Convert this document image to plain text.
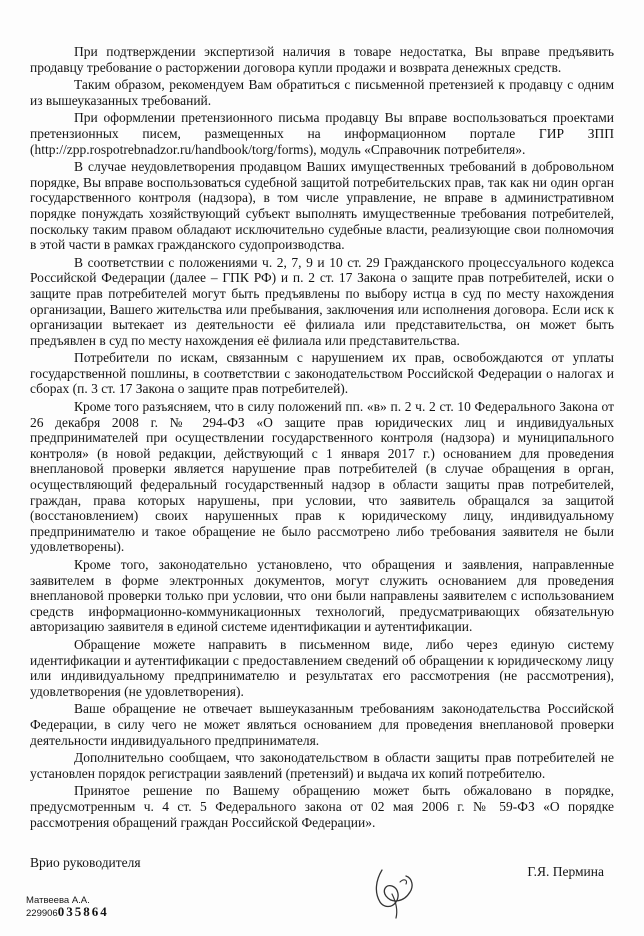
При подтверждении экспертизой наличия в товаре недостатка, Вы вправе предъявить продавцу требование о расторжении договора купли продажи и возврата денежных средств.

Таким образом, рекомендуем Вам обратиться с письменной претензией к продавцу с одним из вышеуказанных требований.

При оформлении претензионного письма продавцу Вы вправе воспользоваться проектами претензионных писем, размещенных на информационном портале ГИР ЗПП (http://zpp.rospotrebnadzor.ru/handbook/torg/forms), модуль «Справочник потребителя».

В случае неудовлетворения продавцом Ваших имущественных требований в добровольном порядке, Вы вправе воспользоваться судебной защитой потребительских прав, так как ни один орган государственного контроля (надзора), в том числе управление, не вправе в административном порядке понуждать хозяйствующий субъект выполнять имущественные требования потребителей, поскольку таким правом обладают исключительно судебные власти, реализующие свои полномочия в этой части в рамках гражданского судопроизводства.

В соответствии с положениями ч. 2, 7, 9 и 10 ст. 29 Гражданского процессуального кодекса Российской Федерации (далее – ГПК РФ) и п. 2 ст. 17 Закона о защите прав потребителей, иски о защите прав потребителей могут быть предъявлены по выбору истца в суд по месту нахождения организации, Вашего жительства или пребывания, заключения или исполнения договора. Если иск к организации вытекает из деятельности её филиала или представительства, он может быть предъявлен в суд по месту нахождения её филиала или представительства.

Потребители по искам, связанным с нарушением их прав, освобождаются от уплаты государственной пошлины, в соответствии с законодательством Российской Федерации о налогах и сборах (п. 3 ст. 17 Закона о защите прав потребителей).

Кроме того разъясняем, что в силу положений пп. «в» п. 2 ч. 2 ст. 10 Федерального Закона от 26 декабря 2008 г. № 294-ФЗ «О защите прав юридических лиц и индивидуальных предпринимателей при осуществлении государственного контроля (надзора) и муниципального контроля» (в новой редакции, действующий с 1 января 2017 г.) основанием для проведения внеплановой проверки является нарушение прав потребителей (в случае обращения в орган, осуществляющий федеральный государственный надзор в области защиты прав потребителей, граждан, права которых нарушены, при условии, что заявитель обращался за защитой (восстановлением) своих нарушенных прав к юридическому лицу, индивидуальному предпринимателю и такое обращение не было рассмотрено либо требования заявителя не были удовлетворены).

Кроме того, законодательно установлено, что обращения и заявления, направленные заявителем в форме электронных документов, могут служить основанием для проведения внеплановой проверки только при условии, что они были направлены заявителем с использованием средств информационно-коммуникационных технологий, предусматривающих обязательную авторизацию заявителя в единой системе идентификации и аутентификации.

Обращение можете направить в письменном виде, либо через единую систему идентификации и аутентификации с предоставлением сведений об обращении к юридическому лицу или индивидуальному предпринимателю и результатах его рассмотрения (не рассмотрения), удовлетворения (не удовлетворения).

Ваше обращение не отвечает вышеуказанным требованиям законодательства Российской Федерации, в силу чего не может являться основанием для проведения внеплановой проверки деятельности индивидуального предпринимателя.

Дополнительно сообщаем, что законодательством в области защиты прав потребителей не установлен порядок регистрации заявлений (претензий) и выдача их копий потребителю.

Принятое решение по Вашему обращению может быть обжаловано в порядке, предусмотренным ч. 4 ст. 5 Федерального закона от 02 мая 2006 г. № 59-ФЗ «О порядке рассмотрения обращений граждан Российской Федерации».

Врио руководителя
Г.Я. Пермина
Матвеева А.А.
229906035864
